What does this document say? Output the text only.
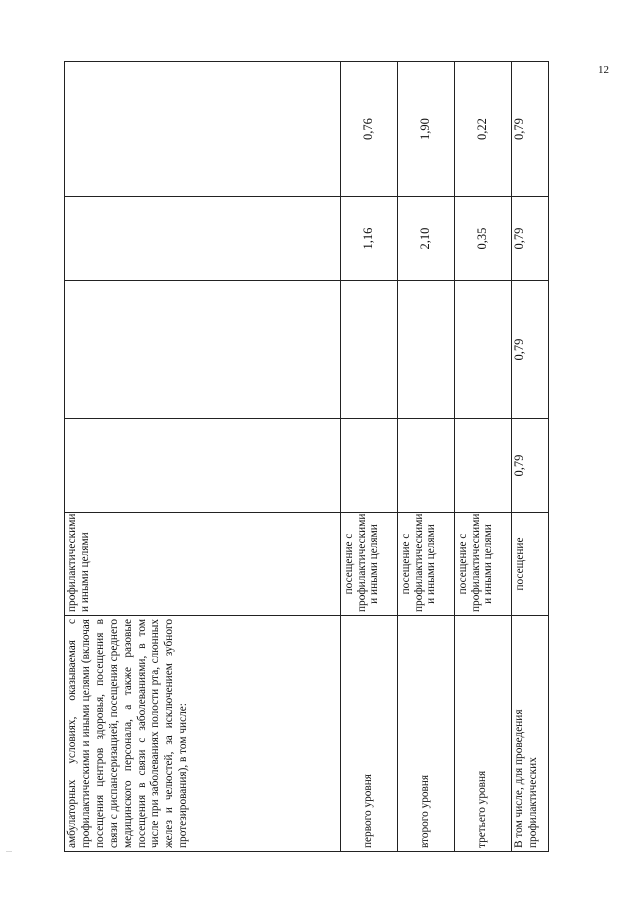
12
...
амбулаторных условиях, оказываемая с профилактическими и иными целями (включая посещения центров здоровья, посещения в связи с диспансеризацией, посещения среднего медицинского персонала, а также разовые посещения в связи с заболеваниями, в том числе при заболеваниях полости рта, слюнных желез и челюстей, за исключением зубного протезирования), в том числе:	профилактическими и иными целями				
первого уровня	посещение с профилактическими и иными целями			1,16	0,76
второго уровня	посещение с профилактическими и иными целями			2,10	1,90
третьего уровня	посещение с профилактическими и иными целями			0,35	0,22
В том числе, для проведения профилактических	посещение	0,79	0,79	0,79	0,79
